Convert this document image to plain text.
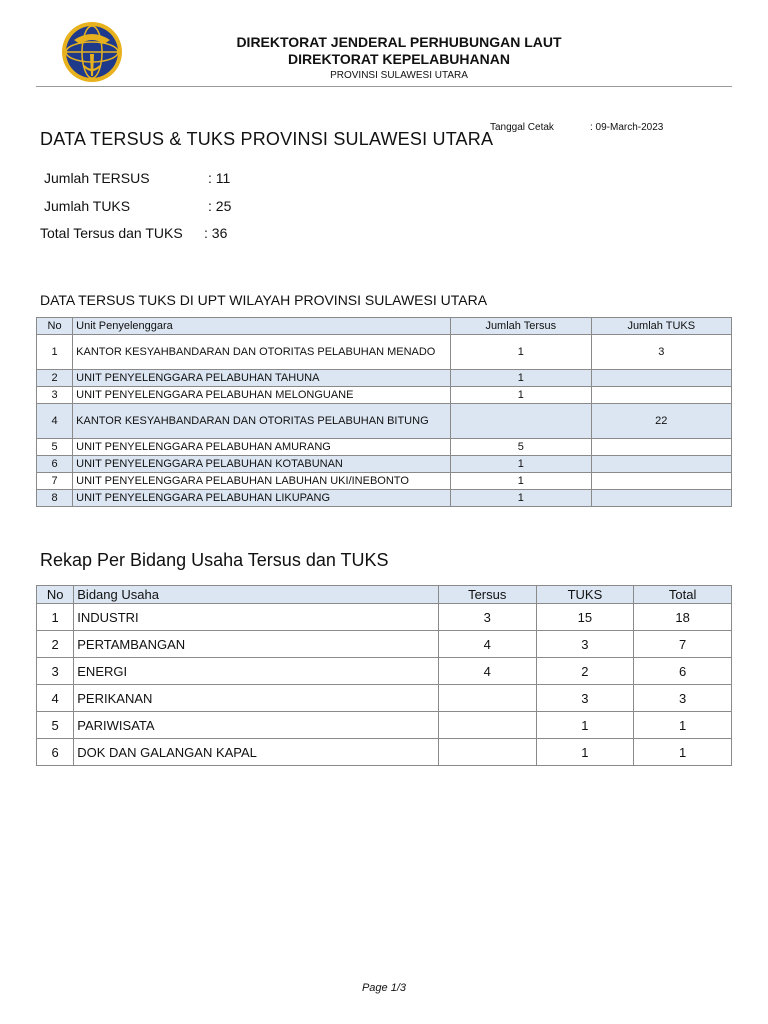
DIREKTORAT JENDERAL PERHUBUNGAN LAUT
DIREKTORAT KEPELABUHANAN
PROVINSI SULAWESI UTARA
DATA TERSUS & TUKS PROVINSI SULAWESI UTARA
Tanggal Cetak	: 09-March-2023
Jumlah TERSUS	: 11
Jumlah TUKS	: 25
Total Tersus dan TUKS : 36
DATA TERSUS TUKS DI UPT WILAYAH PROVINSI SULAWESI UTARA
No	Unit Penyelenggara	Jumlah Tersus	Jumlah TUKS
1	KANTOR KESYAHBANDARAN DAN OTORITAS PELABUHAN MENADO	1	3
2	UNIT PENYELENGGARA PELABUHAN TAHUNA	1	
3	UNIT PENYELENGGARA PELABUHAN MELONGUANE	1	
4	KANTOR KESYAHBANDARAN DAN OTORITAS PELABUHAN BITUNG		22
5	UNIT PENYELENGGARA PELABUHAN AMURANG	5	
6	UNIT PENYELENGGARA PELABUHAN KOTABUNAN	1	
7	UNIT PENYELENGGARA PELABUHAN LABUHAN UKI/INEBONTO	1	
8	UNIT PENYELENGGARA PELABUHAN LIKUPANG	1	
Rekap Per Bidang Usaha Tersus dan TUKS
No	Bidang Usaha	Tersus	TUKS	Total
1	INDUSTRI	3	15	18
2	PERTAMBANGAN	4	3	7
3	ENERGI	4	2	6
4	PERIKANAN		3	3
5	PARIWISATA		1	1
6	DOK DAN GALANGAN KAPAL		1	1
Page 1/3
